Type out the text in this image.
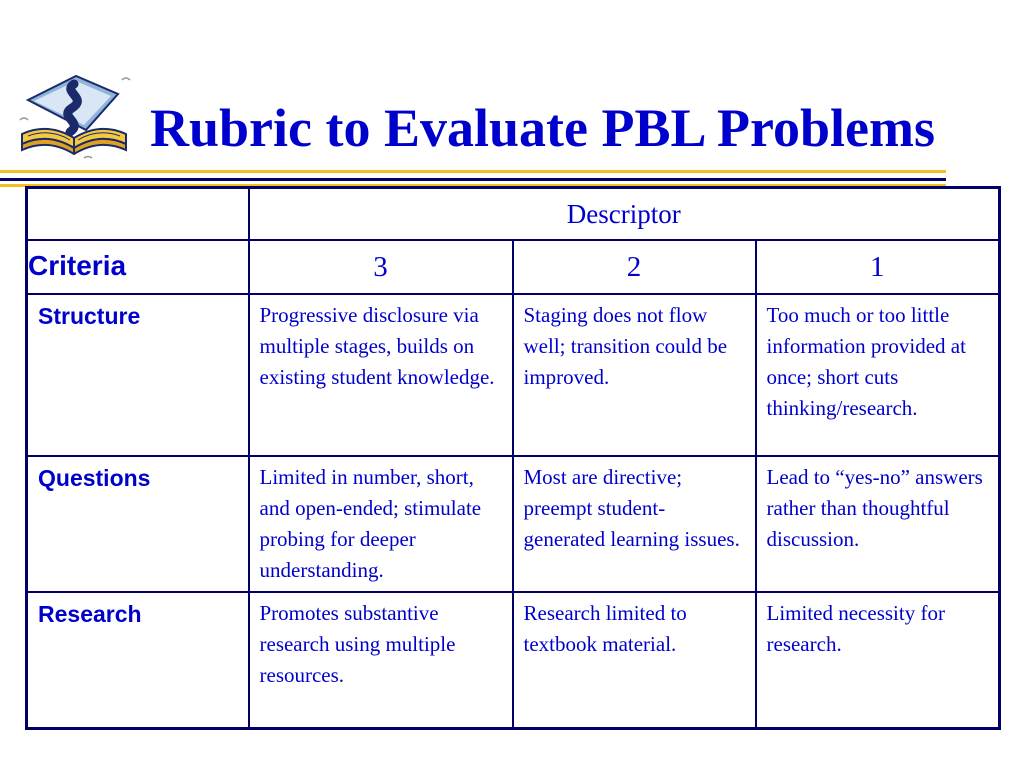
Rubric to Evaluate PBL Problems
	Descriptor		
Criteria	3	2	1

Structure	Progressive disclosure via multiple stages, builds on existing student knowledge.	Staging does not flow well; transition could be improved.	Too much or too little information provided at once; short cuts thinking/research.

Questions	Limited in number, short, and open-ended; stimulate probing for deeper understanding.	Most are directive; preempt student-generated learning issues.	Lead to “yes-no” answers rather than thoughtful discussion.

Research	Promotes substantive research using multiple resources.	Research limited to textbook material.	Limited necessity for research.
